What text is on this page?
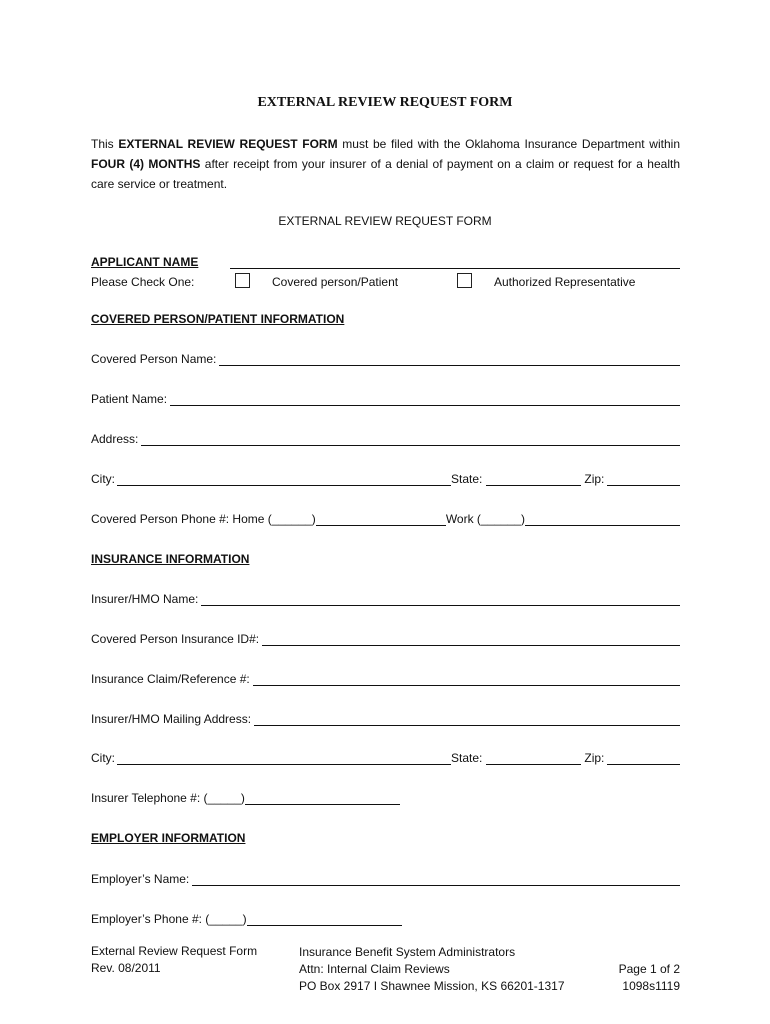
EXTERNAL REVIEW REQUEST FORM
This EXTERNAL REVIEW REQUEST FORM must be filed with the Oklahoma Insurance Department within FOUR (4) MONTHS after receipt from your insurer of a denial of payment on a claim or request for a health care service or treatment.
EXTERNAL REVIEW REQUEST FORM
APPLICANT NAME
Please Check One:	Covered person/Patient	Authorized Representative
COVERED PERSON/PATIENT INFORMATION
Covered Person Name:
Patient Name:
Address:
City:	State:	Zip:
Covered Person Phone #: Home (______)	Work (______)
INSURANCE INFORMATION
Insurer/HMO Name:
Covered Person Insurance ID#:
Insurance Claim/Reference #:
Insurer/HMO Mailing Address:
City:	State:	Zip:
Insurer Telephone #: (_____)
EMPLOYER INFORMATION
Employer’s Name:
Employer’s Phone #: (_____)
External Review Request Form
Rev. 08/2011
Insurance Benefit System Administrators
Attn: Internal Claim Reviews
PO Box 2917 I Shawnee Mission, KS 66201-1317
Page 1 of 2
1098s1119
